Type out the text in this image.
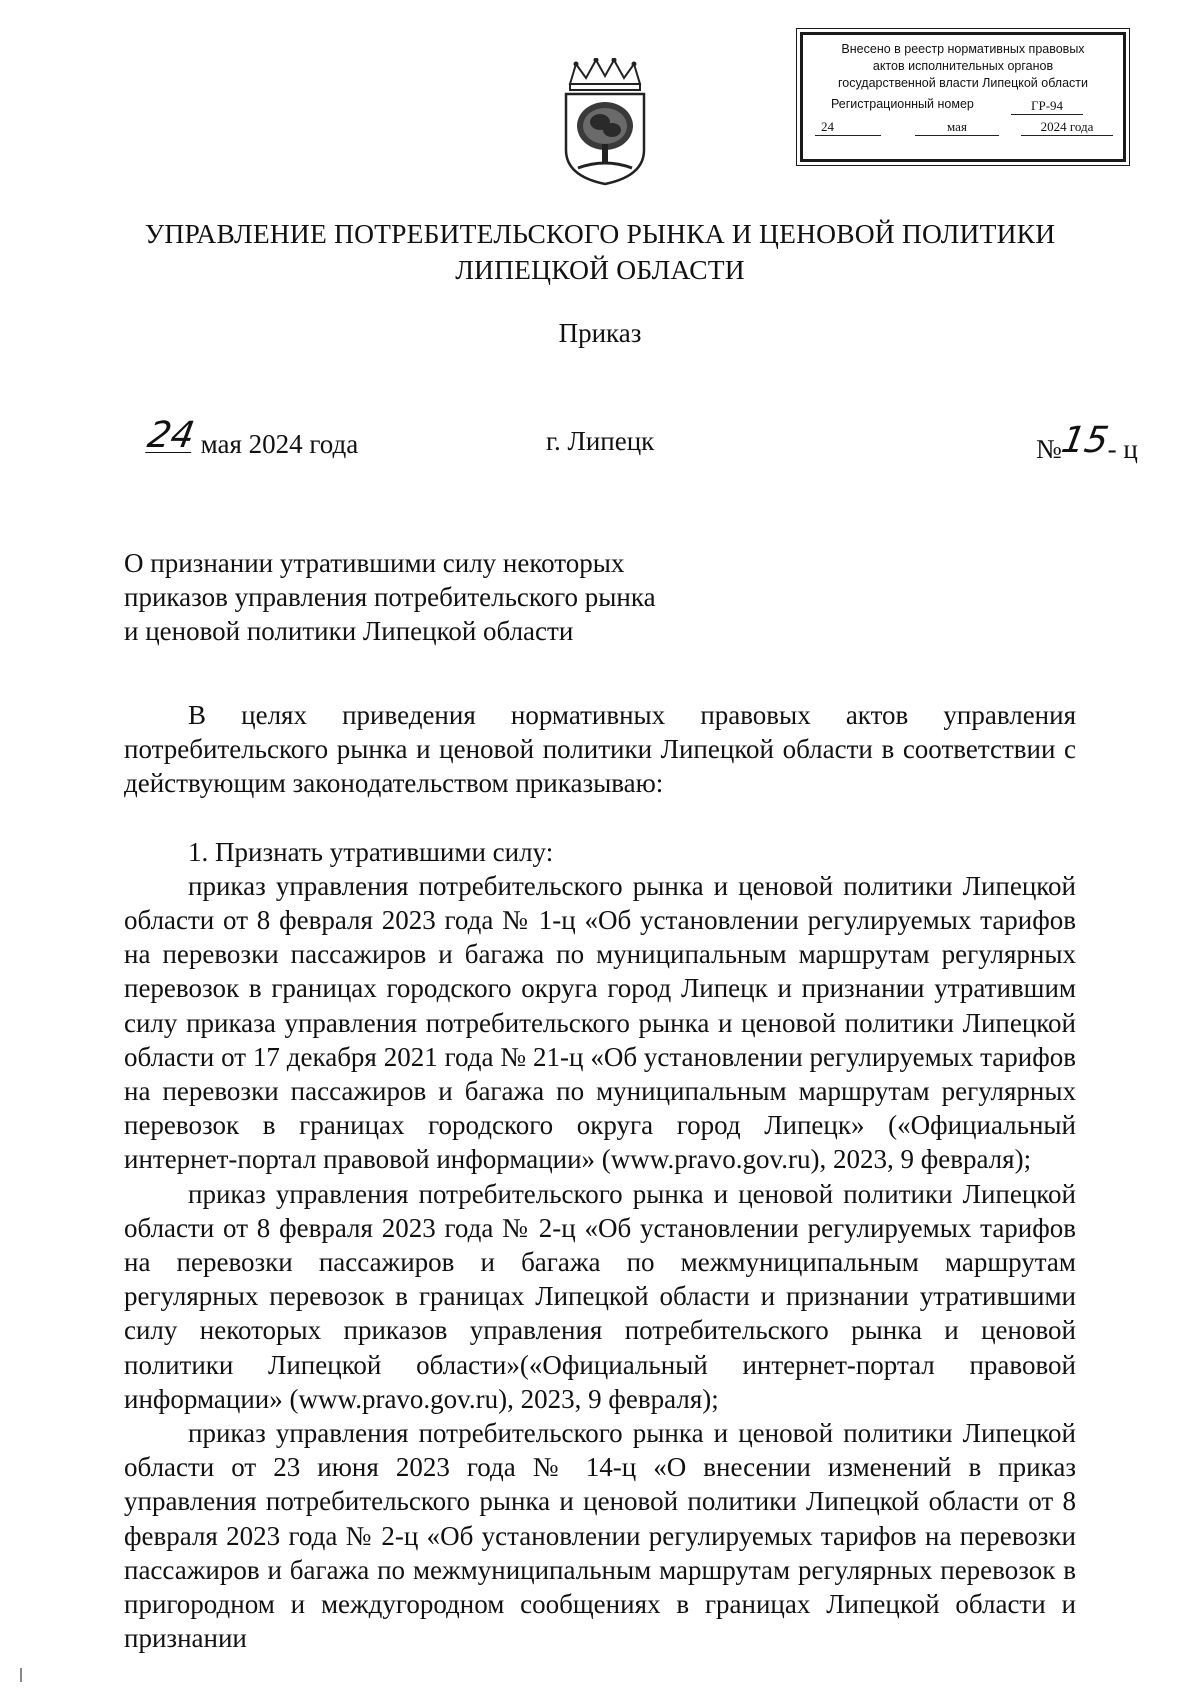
Внесено в реестр нормативных правовых
актов исполнительных органов
государственной власти Липецкой области
Регистрационный номер	ГР-94
24	мая	2024 года
УПРАВЛЕНИЕ ПОТРЕБИТЕЛЬСКОГО РЫНКА И ЦЕНОВОЙ ПОЛИТИКИ
ЛИПЕЦКОЙ ОБЛАСТИ
Приказ
24 мая 2024 года	г. Липецк	№15- ц
О признании утратившими силу некоторых
приказов управления потребительского рынка
и ценовой политики Липецкой области

В целях приведения нормативных правовых актов управления потребительского рынка и ценовой политики Липецкой области в соответствии с действующим законодательством приказываю:

1. Признать утратившими силу:

приказ управления потребительского рынка и ценовой политики Липецкой области от 8 февраля 2023 года № 1-ц «Об установлении регулируемых тарифов на перевозки пассажиров и багажа по муниципальным маршрутам регулярных перевозок в границах городского округа город Липецк и признании утратившим силу приказа управления потребительского рынка и ценовой политики Липецкой области от 17 декабря 2021 года № 21-ц «Об установлении регулируемых тарифов на перевозки пассажиров и багажа по муниципальным маршрутам регулярных перевозок в границах городского округа город Липецк» («Официальный интернет-портал правовой информации» (www.pravo.gov.ru), 2023, 9 февраля);

приказ управления потребительского рынка и ценовой политики Липецкой области от 8 февраля 2023 года № 2-ц «Об установлении регулируемых тарифов на перевозки пассажиров и багажа по межмуниципальным маршрутам регулярных перевозок в границах Липецкой области и признании утратившими силу некоторых приказов управления потребительского рынка и ценовой политики Липецкой области»(«Официальный интернет-портал правовой информации» (www.pravo.gov.ru), 2023, 9 февраля);

приказ управления потребительского рынка и ценовой политики Липецкой области от 23 июня 2023 года № 14-ц «О внесении изменений в приказ управления потребительского рынка и ценовой политики Липецкой области от 8 февраля 2023 года № 2-ц «Об установлении регулируемых тарифов на перевозки пассажиров и багажа по межмуниципальным маршрутам регулярных перевозок в пригородном и междугородном сообщениях в границах Липецкой области и признании
